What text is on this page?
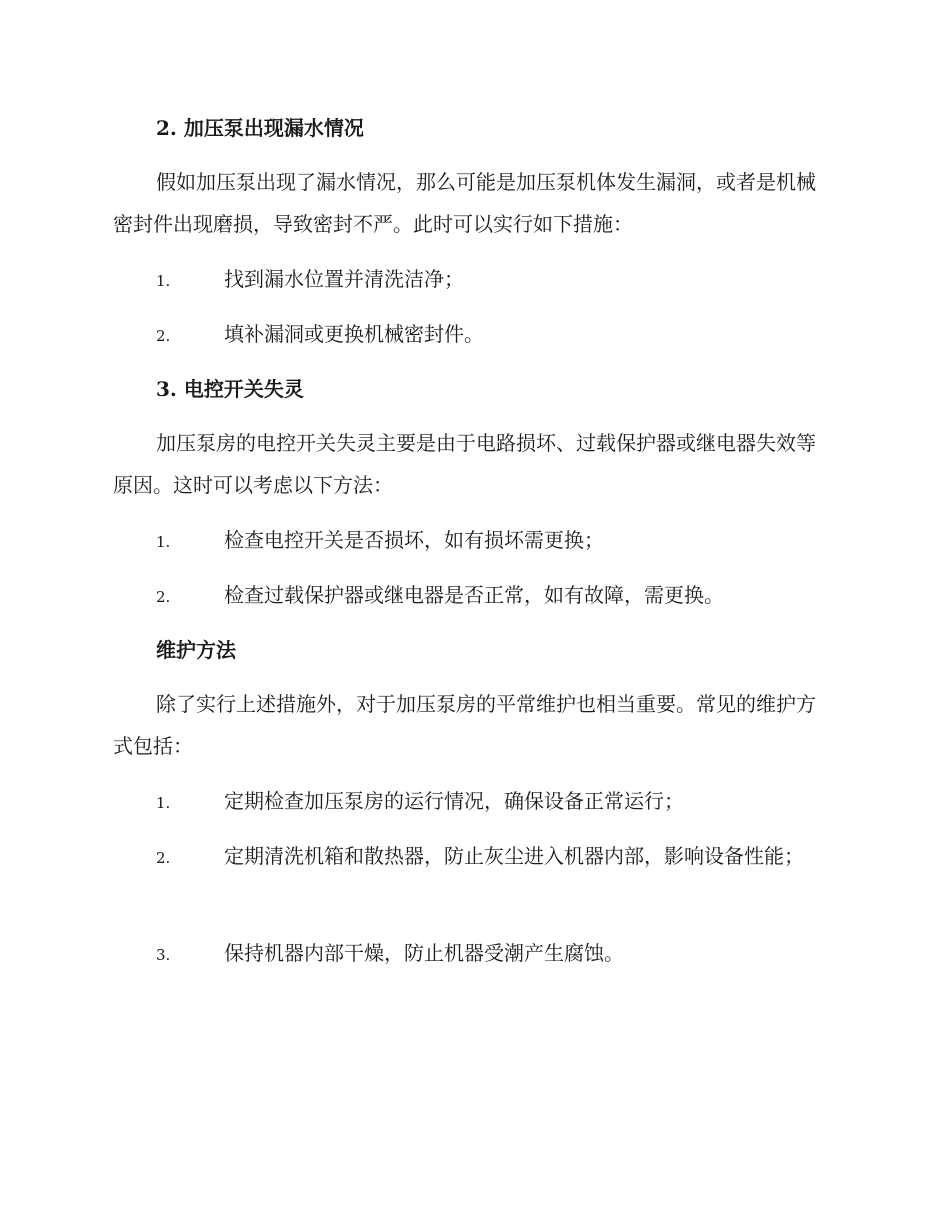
2. 加压泵出现漏水情况
假如加压泵出现了漏水情况，那么可能是加压泵机体发生漏洞，或者是机械密封件出现磨损，导致密封不严。此时可以实行如下措施：
1.	找到漏水位置并清洗洁净；
2.	填补漏洞或更换机械密封件。
3. 电控开关失灵
加压泵房的电控开关失灵主要是由于电路损坏、过载保护器或继电器失效等原因。这时可以考虑以下方法：
1.	检查电控开关是否损坏，如有损坏需更换；
2.	检查过载保护器或继电器是否正常，如有故障，需更换。
维护方法
除了实行上述措施外，对于加压泵房的平常维护也相当重要。常见的维护方式包括：
1.	定期检查加压泵房的运行情况，确保设备正常运行；
2.	定期清洗机箱和散热器，防止灰尘进入机器内部，影响设备性能；
3.	保持机器内部干燥，防止机器受潮产生腐蚀。
